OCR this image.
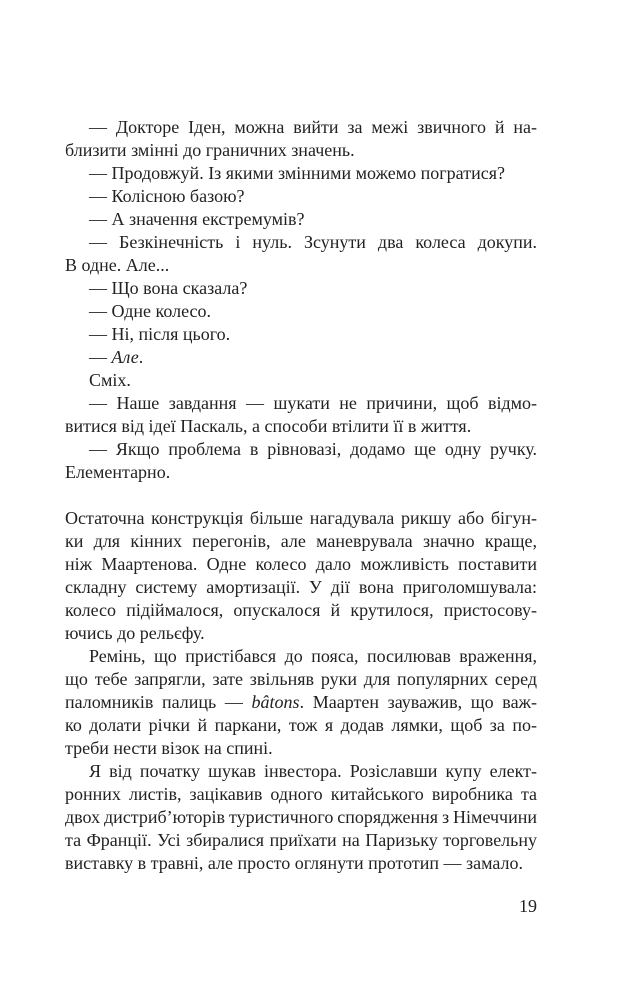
— Докторе Іден, можна вийти за межі звичного й на-
близити змінні до граничних значень.
— Продовжуй. Із якими змінними можемо погратися?
— Колісною базою?
— А значення екстремумів?
— Безкінечність і нуль. Зсунути два колеса докупи.
В одне. Але...
— Що вона сказала?
— Одне колесо.
— Ні, після цього.
— Але.
Сміх.
— Наше завдання — шукати не причини, щоб відмо-
витися від ідеї Паскаль, а способи втілити її в життя.
— Якщо проблема в рівновазі, додамо ще одну ручку.
Елементарно.
Остаточна конструкція більше нагадувала рикшу або бігун-
ки для кінних перегонів, але маневрувала значно краще,
ніж Маартенова. Одне колесо дало можливість поставити
складну систему амортизації. У дії вона приголомшувала:
колесо підіймалося, опускалося й крутилося, пристосову-
ючись до рельєфу.
Ремінь, що пристібався до пояса, посилював враження,
що тебе запрягли, зате звільняв руки для популярних серед
паломників палиць — bâtons. Маартен зауважив, що важ-
ко долати річки й паркани, тож я додав лямки, щоб за по-
треби нести візок на спині.
Я від початку шукав інвестора. Розіславши купу елект-
ронних листів, зацікавив одного китайського виробника та
двох дистриб’юторів туристичного спорядження з Німеччини
та Франції. Усі збиралися приїхати на Паризьку торговельну
виставку в травні, але просто оглянути прототип — замало.
19
